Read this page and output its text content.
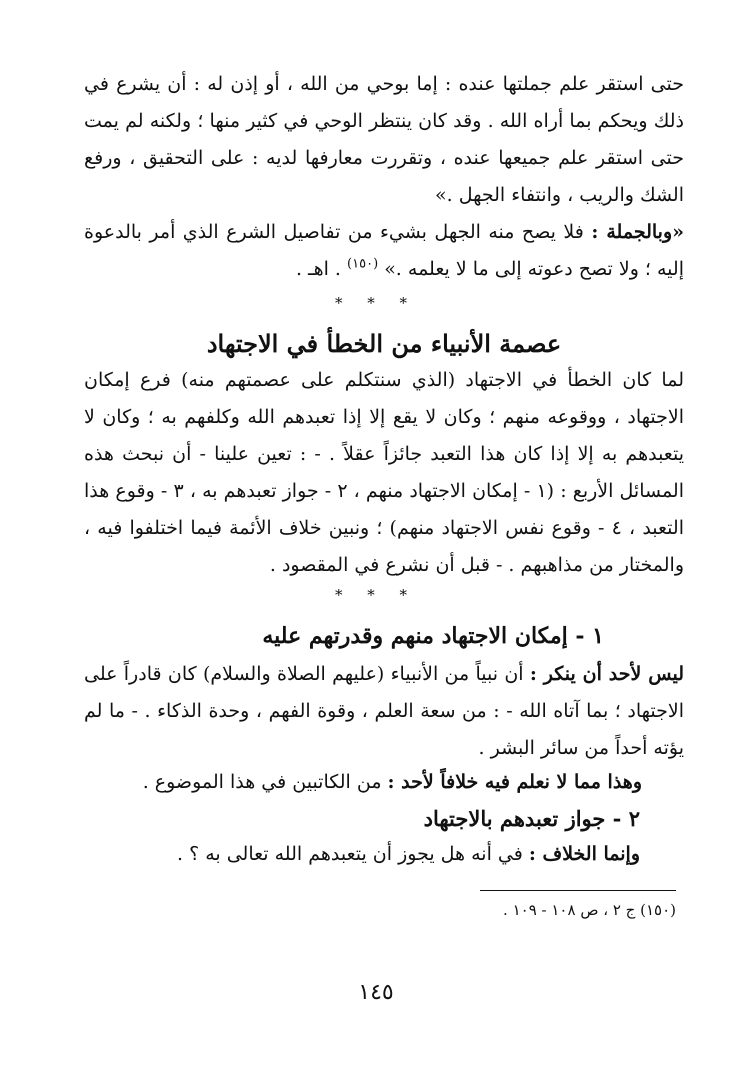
حتى استقر علم جملتها عنده : إما بوحي من الله ، أو إذن له : أن يشرع في ذلك ويحكم بما أراه الله . وقد كان ينتظر الوحي في كثير منها ؛ ولكنه لم يمت حتى استقر علم جميعها عنده ، وتقررت معارفها لديه : على التحقيق ، ورفع الشك والريب ، وانتفاء الجهل .»
«وبالجملة : فلا يصح منه الجهل بشيء من تفاصيل الشرع الذي أمر بالدعوة إليه ؛ ولا تصح دعوته إلى ما لا يعلمه .» $^{(١٥٠)}$ . اهـ .
* * *
عصمة الأنبياء من الخطأ في الاجتهاد
لما كان الخطأ في الاجتهاد (الذي سنتكلم على عصمتهم منه) فرع إمكان الاجتهاد ، ووقوعه منهم ؛ وكان لا يقع إلا إذا تعبدهم الله وكلفهم به ؛ وكان لا يتعبدهم به إلا إذا كان هذا التعبد جائزاً عقلاً . - : تعين علينا - أن نبحث هذه المسائل الأربع : (١ - إمكان الاجتهاد منهم ، ٢ - جواز تعبدهم به ، ٣ - وقوع هذا التعبد ، ٤ - وقوع نفس الاجتهاد منهم) ؛ ونبين خلاف الأئمة فيما اختلفوا فيه ، والمختار من مذاهبهم . - قبل أن نشرع في المقصود .
* * *
١ - إمكان الاجتهاد منهم وقدرتهم عليه
ليس لأحد أن ينكر : أن نبياً من الأنبياء (عليهم الصلاة والسلام) كان قادراً على الاجتهاد ؛ بما آتاه الله - : من سعة العلم ، وقوة الفهم ، وحدة الذكاء . - ما لم يؤته أحداً من سائر البشر .
وهذا مما لا نعلم فيه خلافاً لأحد : من الكاتبين في هذا الموضوع .
٢ - جواز تعبدهم بالاجتهاد
وإنما الخلاف : في أنه هل يجوز أن يتعبدهم الله تعالى به ؟ .
(١٥٠) ج ٢ ، ص ١٠٨ - ١٠٩ .
١٤٥
